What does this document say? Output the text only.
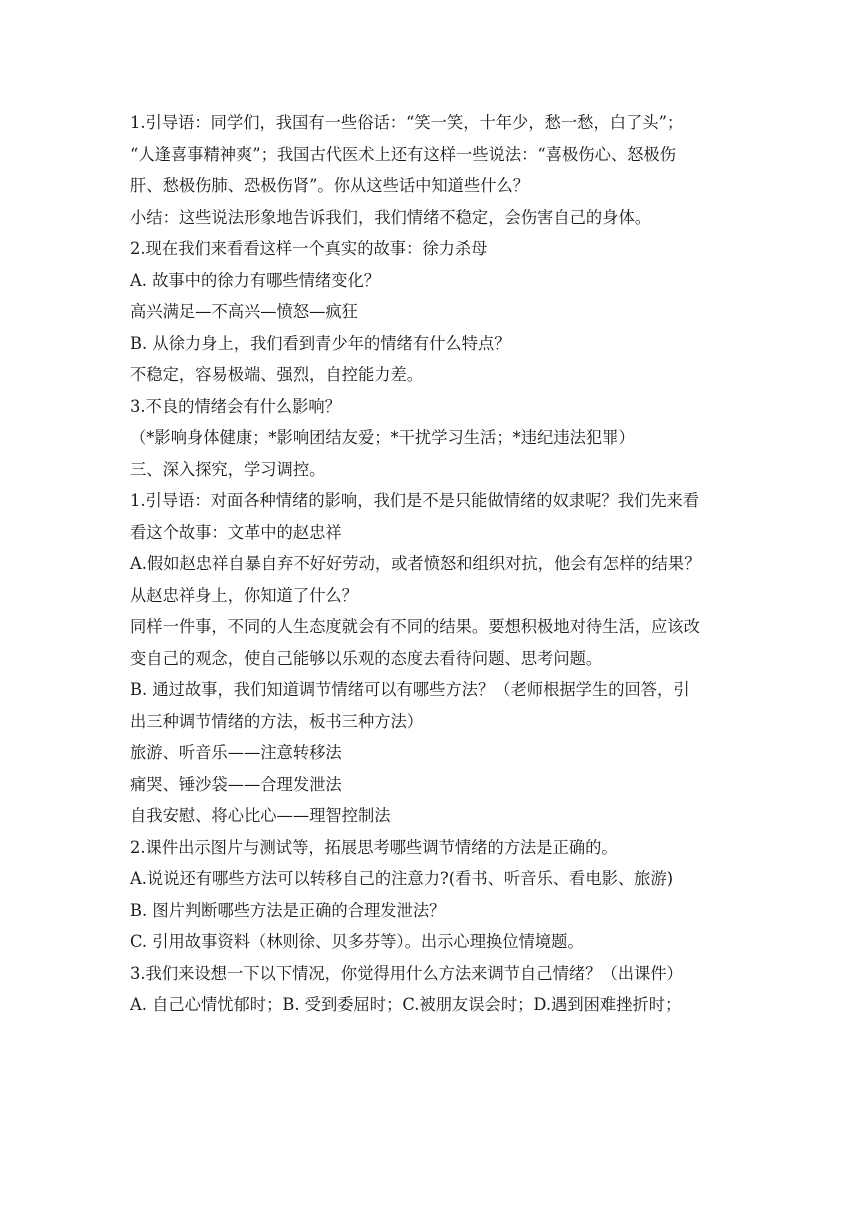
1.引导语：同学们，我国有一些俗话：“笑一笑，十年少，愁一愁，白了头”；
“人逢喜事精神爽”；我国古代医术上还有这样一些说法：“喜极伤心、怒极伤
肝、愁极伤肺、恐极伤肾”。你从这些话中知道些什么？
小结：这些说法形象地告诉我们，我们情绪不稳定，会伤害自己的身体。
2.现在我们来看看这样一个真实的故事：徐力杀母
A. 故事中的徐力有哪些情绪变化？
高兴满足—不高兴—愤怒—疯狂
B. 从徐力身上，我们看到青少年的情绪有什么特点？
不稳定，容易极端、强烈，自控能力差。
3.不良的情绪会有什么影响？
（*影响身体健康；*影响团结友爱；*干扰学习生活；*违纪违法犯罪）
三、深入探究，学习调控。
1.引导语：对面各种情绪的影响，我们是不是只能做情绪的奴隶呢？我们先来看
看这个故事：文革中的赵忠祥
A.假如赵忠祥自暴自弃不好好劳动，或者愤怒和组织对抗，他会有怎样的结果？
从赵忠祥身上，你知道了什么？
同样一件事，不同的人生态度就会有不同的结果。要想积极地对待生活，应该改
变自己的观念，使自己能够以乐观的态度去看待问题、思考问题。
B. 通过故事，我们知道调节情绪可以有哪些方法？（老师根据学生的回答，引
出三种调节情绪的方法，板书三种方法）
旅游、听音乐——注意转移法
痛哭、锤沙袋——合理发泄法
自我安慰、将心比心——理智控制法
2.课件出示图片与测试等，拓展思考哪些调节情绪的方法是正确的。
A.说说还有哪些方法可以转移自己的注意力?(看书、听音乐、看电影、旅游)
B. 图片判断哪些方法是正确的合理发泄法？
C. 引用故事资料（林则徐、贝多芬等）。出示心理换位情境题。
3.我们来设想一下以下情况，你觉得用什么方法来调节自己情绪？（出课件）
A. 自己心情忧郁时；B. 受到委屈时；C.被朋友误会时；D.遇到困难挫折时；
